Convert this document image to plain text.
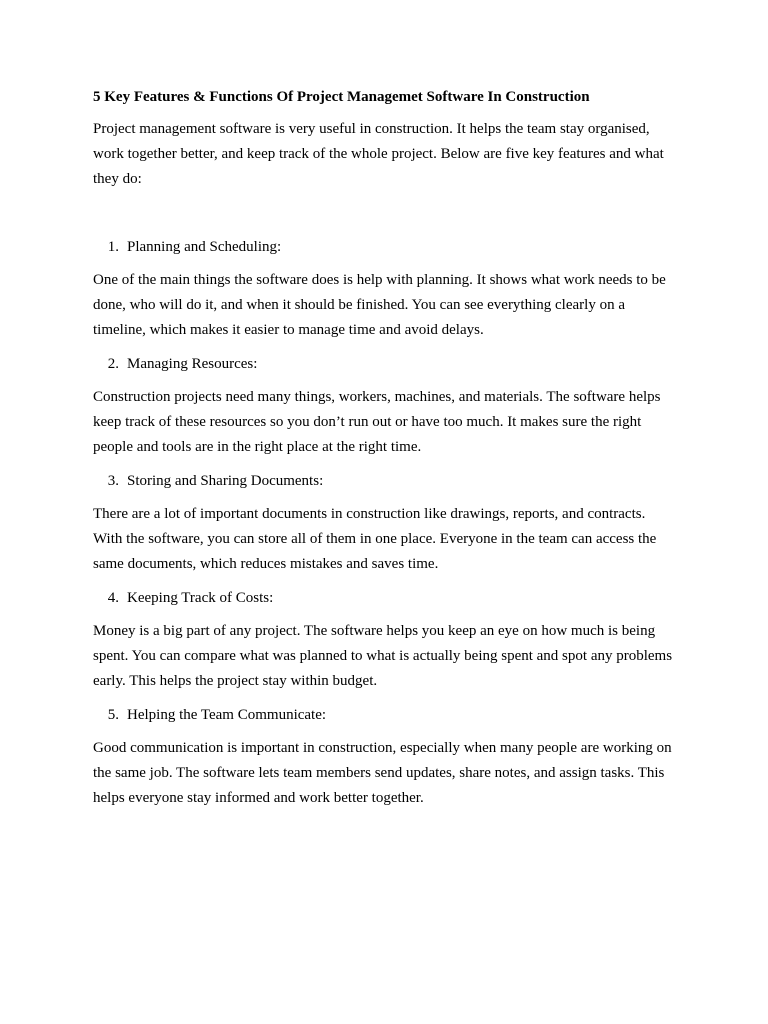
5 Key Features & Functions Of Project Managemet Software In Construction

Project management software is very useful in construction. It helps the team stay organised, work together better, and keep track of the whole project. Below are five key features and what they do:

1. Planning and Scheduling:

One of the main things the software does is help with planning. It shows what work needs to be done, who will do it, and when it should be finished. You can see everything clearly on a timeline, which makes it easier to manage time and avoid delays.

2. Managing Resources:

Construction projects need many things, workers, machines, and materials. The software helps keep track of these resources so you don’t run out or have too much. It makes sure the right people and tools are in the right place at the right time.

3. Storing and Sharing Documents:

There are a lot of important documents in construction like drawings, reports, and contracts. With the software, you can store all of them in one place. Everyone in the team can access the same documents, which reduces mistakes and saves time.

4. Keeping Track of Costs:

Money is a big part of any project. The software helps you keep an eye on how much is being spent. You can compare what was planned to what is actually being spent and spot any problems early. This helps the project stay within budget.

5. Helping the Team Communicate:

Good communication is important in construction, especially when many people are working on the same job. The software lets team members send updates, share notes, and assign tasks. This helps everyone stay informed and work better together.
